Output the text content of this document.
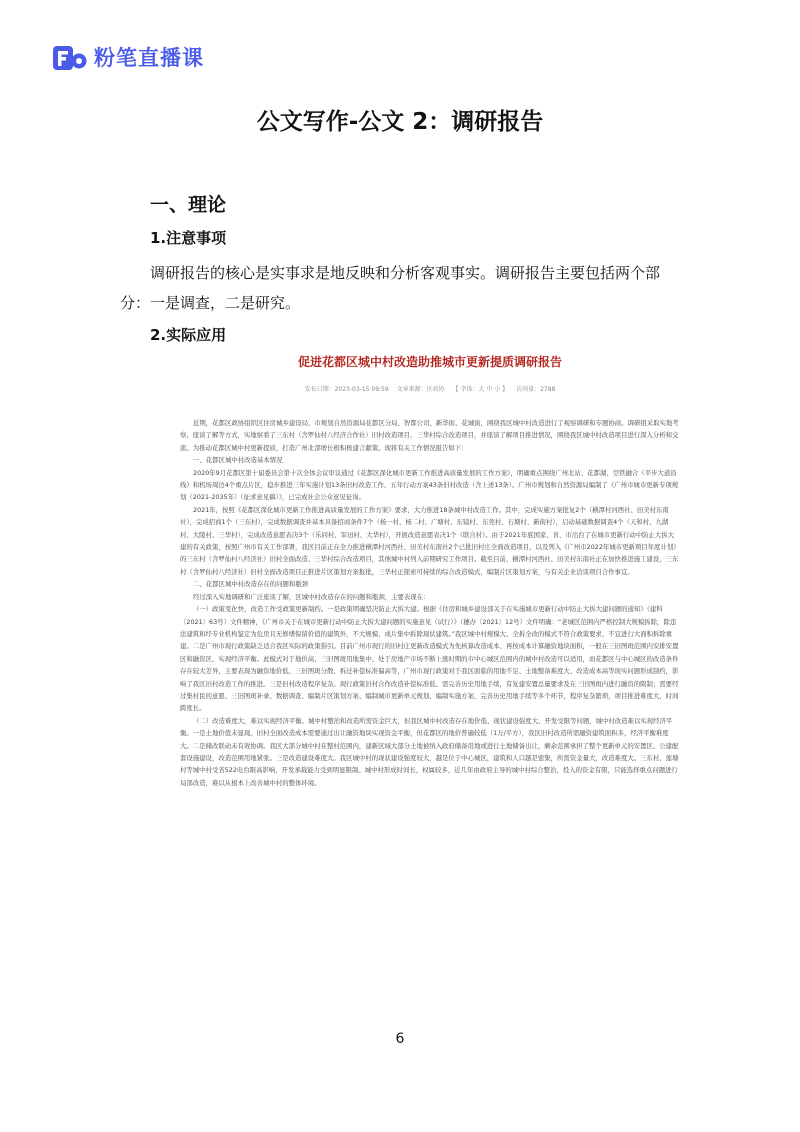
粉笔直播课
公文写作-公文 2：调研报告
一、理论
1.注意事项
调研报告的核心是实事求是地反映和分析客观事实。调研报告主要包括两个部分：一是调查，二是研究。
2.实际应用
促进花都区城中村改造助推城市更新提质调研报告
发布日期：2023-03-15 09:59 文章来源：区政协 【 字体：大 中 小 】 访问量：2788

近期，花都区政协组织区住房城乡建设局、市规划自然资源局花都区分局、智都公司、新华街、花城街，围绕我区城中村改造进行了视察调研和专题协商。调研组采取实地考察、座谈了解等方式，实地察看了三东村（含罗仙村八经济合作社）旧村改造项目、三华村综合改造项目，并座谈了解项目推进情况，围绕我区城中村改造项目进行深入分析和交流。为推动花都区城中村更新提质，打造广州北部增长极积极建言献策。现将有关工作情况报告如下：

一、花都区城中村改造基本情况

2020年9月花都区第十届委员会第十次全体会议审议通过《花都区深化城市更新工作推进高质量发展的工作方案》，明确重点围绕广州北站、花都湖、空铁融合（平步大道沿线）和机场周边4个重点片区，稳步推进三年实施计划13条旧村改造工作、五年行动方案43条旧村改造（含上述13条）。广州市规划和自然资源局编制了《广州市城市更新专项规划（2021-2035年）（征求意见稿）》，已完成社会公众意见征询。

2021年，按照《花都区深化城市更新工作推进高质量发展的工作方案》要求，大力推进18条城中村改造工作。其中，完成实施方案批复2个（横潭村河西社、田美村东南社），完成招商1个（三东村），完成数据调查并基本具备招商条件7个（杨一村、杨二村、广塘村、东镜村、东莞村、石塘村、新街村），启动基础数据调查4个（天和村、九湖村、大陵村、三华村），完成改造意愿表决3个（乐同村、军田村、大华村），开展改造意愿表决1个（联合村）。由于2021年底国家、省、市出台了在城市更新行动中防止大拆大建的有关政策，按照广州市有关工作部署，我区目前正在全力推进横潭村河西社、田美村东南社2个已批旧村庄全面改造项目，以及列入《广州市2022年城市更新项目年度计划》的三东村（含罗仙村八经济社）旧村全面改造、三华村综合改造项目，其他城中村列入前期研究工作项目。截至目前，横潭村河西社、田美村东南社正在加快推进施工建设，三东村（含罗仙村八经济社）旧村全面改造项目正推进片区策划方案报批，三华村正探索可持续的综合改造模式，编制片区策划方案，与有关企业洽谈项目合作事宜。

二、花都区城中村改造存在的问题和瓶颈

经过深入实地调研和广泛座谈了解，区城中村改造存在的问题和瓶颈，主要表现在：

（一）政策变化快，改造工作受政策更新制约。一是政策明确坚决防止大拆大建。根据《住房和城乡建设部关于在实施城市更新行动中防止大拆大建问题的通知》（建科〔2021〕63号）文件精神，《广州市关于在城市更新行动中防止大拆大建问题的实施意见（试行）》（穗办〔2021〕12号）文件明确：“老城区范围内严格控制大规模拆除，除违法建筑和经专业机构鉴定为危房且无修缮保留价值的建筑外，不大规模、成片集中拆除现状建筑。”我区城中村规模大、全拆全改的模式不符合政策要求，不宜进行大面积拆除重建。二是广州市现行政策缺乏适合我区实际的政策指引。目前广州市现行的旧村庄更新改造模式为先核算改造成本、再按成本计算融资地块面积，一般在三旧图斑范围内安排安置区和融资区，实现经济平衡。此模式对于地价高、三旧图斑用地集中、处于房地产市场不断上涨时期的市中心城区范围内的城中村改造可以适用，而花都区与中心城区的改造条件存在较大差异，主要表现为融资地价低、三旧图斑分散、拆迁补偿标准偏高等，广州市现行政策对于我区面临的用地不足、土地整备难度大、改造成本高等现实问题形成制约，影响了我区旧村改造工作的推进。三是旧村改造程序复杂。现行政策旧村合作改造补偿标准低、需完善历史用地手续，有复建安置总量要求及在三旧图斑内进行融资的限制；需要经过集村民的意愿、三旧图斑补录、数据调查、编制片区策划方案、编制城市更新单元规划、编制实施方案、完善历史用地手续等多个环节，程序复杂繁琐，项目推进难度大，时间跨度长。

（二）改造难度大，难以实现经济平衡。城中村整治和改造所需资金巨大，但我区城中村改造存在地价低、现状建设强度大、开发受限等问题，城中村改造难以实现经济平衡。一是土地价值未显现。旧村全面改造成本需要通过出让融资地块实现资金平衡，但花都区的地价普遍较低（1万/平方），我区旧村改造所需融资建筑面积多，经济平衡难度大。二是储改联动未有效协调。我区大部分城中村在整村范围内，建新区域大部分土地被纳入政府储备用地或进行土地储备出让，剩余范围承担了整个更新单元的安置区、公建配套设施建设，改造范围用地紧张。三是改造建设难度大。我区城中村的现状建设强度较大，越是位于中心城区，建筑和人口越是密集，所需资金量大，改造难度大。三东村、莲塘村等城中村受省522电台限高影响，开发承载能力受到明显限制。城中村形成时间长，权属较多，近几年由政府主导的城中村综合整治，投入的资金有限，只能选择重点问题进行局部改造，难以从根本上改善城中村的整体环境。

6
